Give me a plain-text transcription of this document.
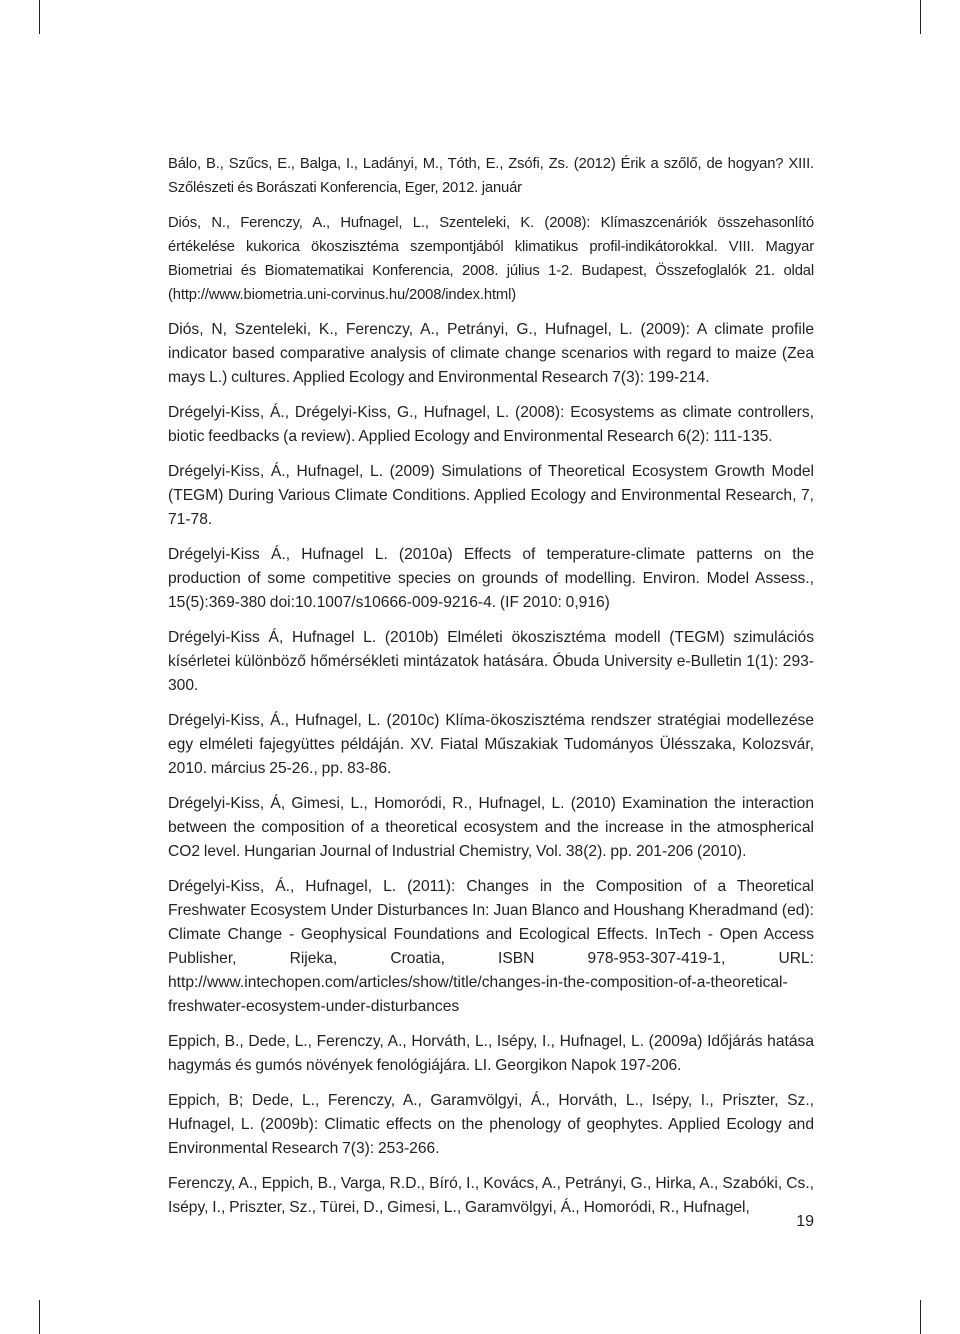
Bálo, B., Szűcs, E., Balga, I., Ladányi, M., Tóth, E., Zsófi, Zs. (2012) Érik a szőlő, de hogyan? XIII. Szőlészeti és Borászati Konferencia, Eger, 2012. január

Diós, N., Ferenczy, A., Hufnagel, L., Szenteleki, K. (2008): Klímaszcenáriók összehasonlító értékelése kukorica ökoszisztéma szempontjából klimatikus profil-indikátorokkal. VIII. Magyar Biometriai és Biomatematikai Konferencia, 2008. július 1-2. Budapest, Összefoglalók 21. oldal (http://www.biometria.uni-corvinus.hu/2008/index.html)

Diós, N, Szenteleki, K., Ferenczy, A., Petrányi, G., Hufnagel, L. (2009): A climate profile indicator based comparative analysis of climate change scenarios with regard to maize (Zea mays L.) cultures. Applied Ecology and Environmental Research 7(3): 199-214.

Drégelyi-Kiss, Á., Drégelyi-Kiss, G., Hufnagel, L. (2008): Ecosystems as climate controllers, biotic feedbacks (a review). Applied Ecology and Environmental Research 6(2): 111-135.

Drégelyi-Kiss, Á., Hufnagel, L. (2009) Simulations of Theoretical Ecosystem Growth Model (TEGM) During Various Climate Conditions. Applied Ecology and Environmental Research, 7, 71-78.

Drégelyi-Kiss Á., Hufnagel L. (2010a) Effects of temperature-climate patterns on the production of some competitive species on grounds of modelling. Environ. Model Assess., 15(5):369-380 doi:10.1007/s10666-009-9216-4. (IF 2010: 0,916)

Drégelyi-Kiss Á, Hufnagel L. (2010b) Elméleti ökoszisztéma modell (TEGM) szimulációs kísérletei különböző hőmérsékleti mintázatok hatására. Óbuda University e-Bulletin 1(1): 293-300.

Drégelyi-Kiss, Á., Hufnagel, L. (2010c) Klíma-ökoszisztéma rendszer stratégiai modellezése egy elméleti fajegyüttes példáján. XV. Fiatal Műszakiak Tudományos Ülésszaka, Kolozsvár, 2010. március 25-26., pp. 83-86.

Drégelyi-Kiss, Á, Gimesi, L., Homoródi, R., Hufnagel, L. (2010) Examination the interaction between the composition of a theoretical ecosystem and the increase in the atmospherical CO2 level. Hungarian Journal of Industrial Chemistry, Vol. 38(2). pp. 201-206 (2010).

Drégelyi-Kiss, Á., Hufnagel, L. (2011): Changes in the Composition of a Theoretical Freshwater Ecosystem Under Disturbances In: Juan Blanco and Houshang Kheradmand (ed): Climate Change - Geophysical Foundations and Ecological Effects. InTech - Open Access Publisher, Rijeka, Croatia, ISBN 978-953-307-419-1, URL: http://www.intechopen.com/articles/show/title/changes-in-the-composition-of-a-theoretical-freshwater-ecosystem-under-disturbances

Eppich, B., Dede, L., Ferenczy, A., Horváth, L., Isépy, I., Hufnagel, L. (2009a) Időjárás hatása hagymás és gumós növények fenológiájára. LI. Georgikon Napok 197-206.

Eppich, B; Dede, L., Ferenczy, A., Garamvölgyi, Á., Horváth, L., Isépy, I., Priszter, Sz., Hufnagel, L. (2009b): Climatic effects on the phenology of geophytes. Applied Ecology and Environmental Research 7(3): 253-266.

Ferenczy, A., Eppich, B., Varga, R.D., Bíró, I., Kovács, A., Petrányi, G., Hirka, A., Szabóki, Cs., Isépy, I., Priszter, Sz., Türei, D., Gimesi, L., Garamvölgyi, Á., Homoródi, R., Hufnagel,

19
